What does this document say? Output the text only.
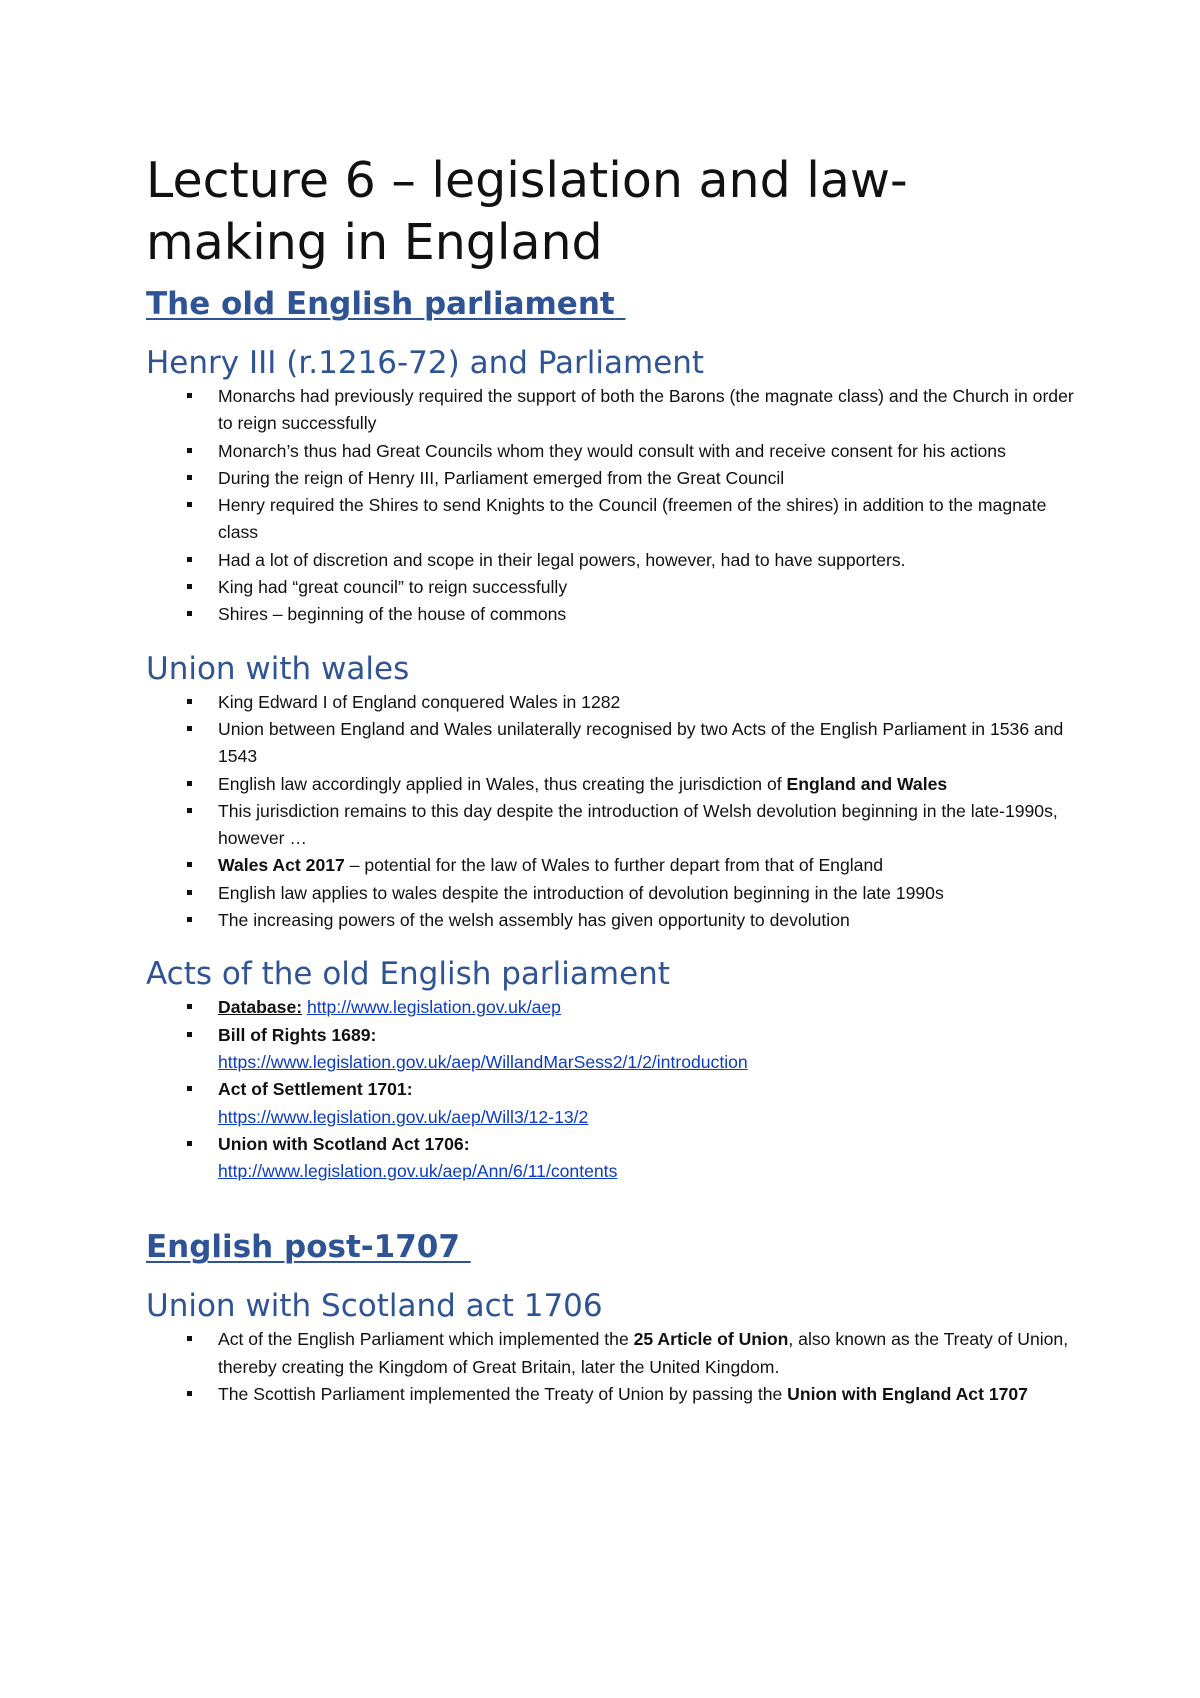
Lecture 6 – legislation and law-
making in England
The old English parliament
Henry III (r.1216-72) and Parliament
Monarchs had previously required the support of both the Barons (the magnate class) and the Church in order to reign successfully
Monarch’s thus had Great Councils whom they would consult with and receive consent for his actions
During the reign of Henry III, Parliament emerged from the Great Council
Henry required the Shires to send Knights to the Council (freemen of the shires) in addition to the magnate class
Had a lot of discretion and scope in their legal powers, however, had to have supporters.
King had “great council” to reign successfully
Shires – beginning of the house of commons
Union with wales
King Edward I of England conquered Wales in 1282
Union between England and Wales unilaterally recognised by two Acts of the English Parliament in 1536 and 1543
English law accordingly applied in Wales, thus creating the jurisdiction of England and Wales
This jurisdiction remains to this day despite the introduction of Welsh devolution beginning in the late-1990s, however …
Wales Act 2017 – potential for the law of Wales to further depart from that of England
English law applies to wales despite the introduction of devolution beginning in the late 1990s
The increasing powers of the welsh assembly has given opportunity to devolution
Acts of the old English parliament
Database: http://www.legislation.gov.uk/aep
Bill of Rights 1689:
https://www.legislation.gov.uk/aep/WillandMarSess2/1/2/introduction
Act of Settlement 1701:
https://www.legislation.gov.uk/aep/Will3/12-13/2
Union with Scotland Act 1706:
http://www.legislation.gov.uk/aep/Ann/6/11/contents
English post-1707
Union with Scotland act 1706
Act of the English Parliament which implemented the 25 Article of Union, also known as the Treaty of Union, thereby creating the Kingdom of Great Britain, later the United Kingdom.
The Scottish Parliament implemented the Treaty of Union by passing the Union with England Act 1707
